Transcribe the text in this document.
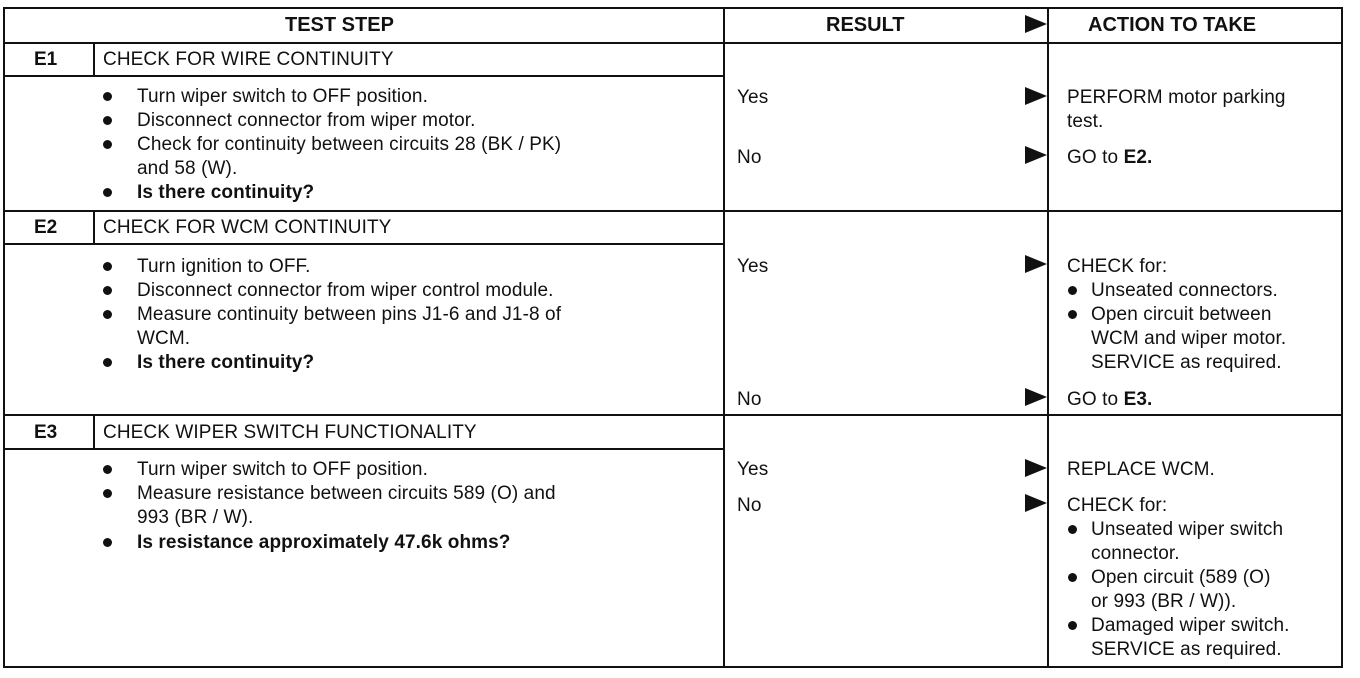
TEST STEP	RESULT	ACTION TO TAKE
E1 CHECK FOR WIRE CONTINUITY
Turn wiper switch to OFF position.
Disconnect connector from wiper motor.
Check for continuity between circuits 28 (BK / PK)
and 58 (W).
Is there continuity?
Yes	PERFORM motor parking
test.
No	GO to E2.
E2 CHECK FOR WCM CONTINUITY
Turn ignition to OFF.
Disconnect connector from wiper control module.
Measure continuity between pins J1-6 and J1-8 of
WCM.
Is there continuity?
Yes	CHECK for:
Unseated connectors.
Open circuit between
WCM and wiper motor.
SERVICE as required.
No	GO to E3.
E3 CHECK WIPER SWITCH FUNCTIONALITY
Turn wiper switch to OFF position.
Measure resistance between circuits 589 (O) and
993 (BR / W).
Is resistance approximately 47.6k ohms?
Yes	REPLACE WCM.
No	CHECK for:
Unseated wiper switch
connector.
Open circuit (589 (O)
or 993 (BR / W)).
Damaged wiper switch.
SERVICE as required.
